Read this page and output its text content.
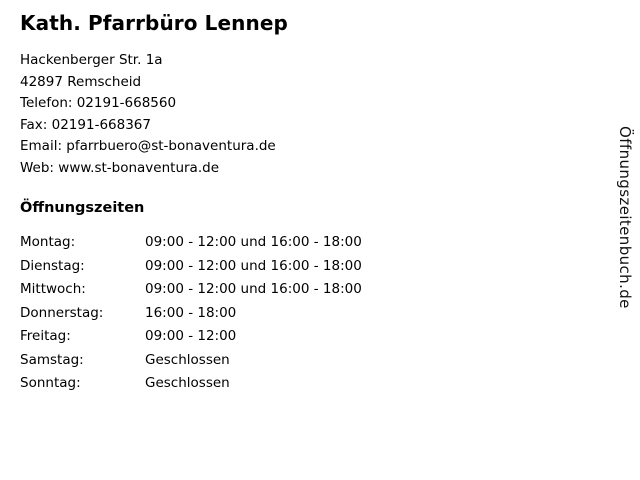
Kath. Pfarrbüro Lennep
Hackenberger Str. 1a
42897 Remscheid
Telefon: 02191-668560
Fax: 02191-668367
Email: pfarrbuero@st-bonaventura.de
Web: www.st-bonaventura.de
Öffnungszeiten
Montag:	09:00 - 12:00 und 16:00 - 18:00
Dienstag:	09:00 - 12:00 und 16:00 - 18:00
Mittwoch:	09:00 - 12:00 und 16:00 - 18:00
Donnerstag:	16:00 - 18:00
Freitag:	09:00 - 12:00
Samstag:	Geschlossen
Sonntag:	Geschlossen
Öffnungszeitenbuch.de
